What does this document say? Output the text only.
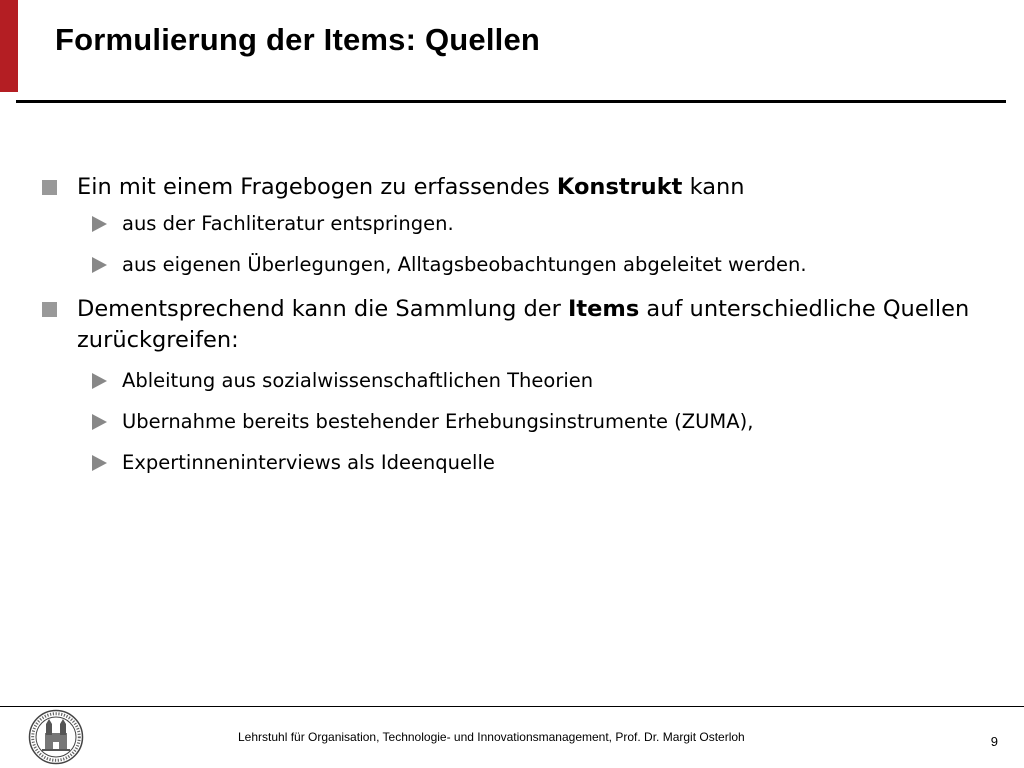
Formulierung der Items: Quellen
Ein mit einem Fragebogen zu erfassendes Konstrukt kann
aus der Fachliteratur entspringen.
aus eigenen Überlegungen, Alltagsbeobachtungen abgeleitet werden.
Dementsprechend kann die Sammlung der Items auf unterschiedliche Quellen zurückgreifen:
Ableitung aus sozialwissenschaftlichen Theorien
Ubernahme bereits bestehender Erhebungsinstrumente (ZUMA),
Expertinneninterviews als Ideenquelle
Lehrstuhl für Organisation, Technologie- und Innovationsmanagement, Prof. Dr. Margit Osterloh	9
